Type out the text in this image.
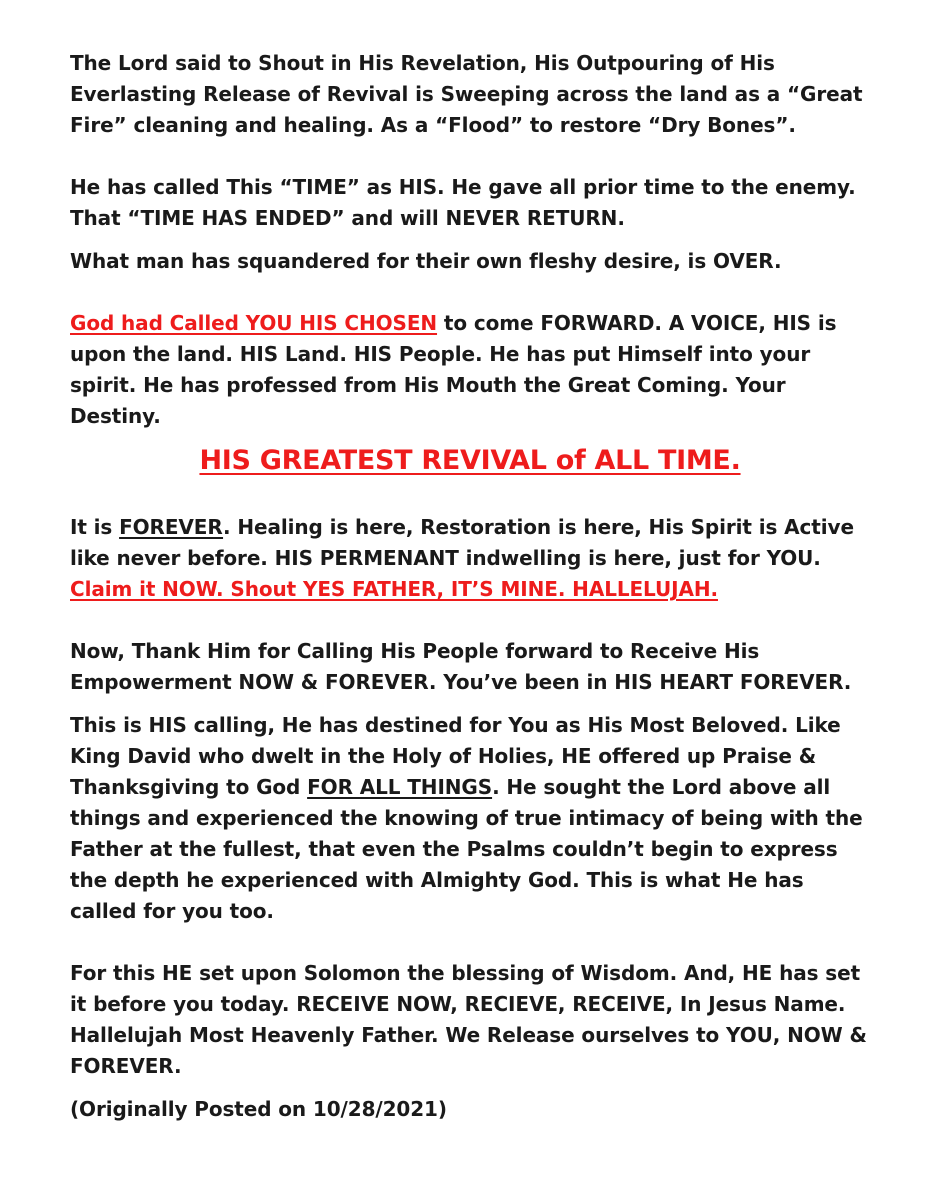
The Lord said to Shout in His Revelation, His Outpouring of His Everlasting Release of Revival is Sweeping across the land as a “Great Fire” cleaning and healing. As a “Flood” to restore “Dry Bones”.

He has called This “TIME” as HIS. He gave all prior time to the enemy. That “TIME HAS ENDED” and will NEVER RETURN.

What man has squandered for their own fleshy desire, is OVER.

God had Called YOU HIS CHOSEN to come FORWARD. A VOICE, HIS is upon the land. HIS Land. HIS People. He has put Himself into your spirit. He has professed from His Mouth the Great Coming. Your Destiny.

HIS GREATEST REVIVAL of ALL TIME.

It is FOREVER. Healing is here, Restoration is here, His Spirit is Active like never before. HIS PERMENANT indwelling is here, just for YOU. Claim it NOW. Shout YES FATHER, IT’S MINE. HALLELUJAH.

Now, Thank Him for Calling His People forward to Receive His Empowerment NOW & FOREVER. You’ve been in HIS HEART FOREVER.

This is HIS calling, He has destined for You as His Most Beloved. Like King David who dwelt in the Holy of Holies, HE offered up Praise & Thanksgiving to God FOR ALL THINGS. He sought the Lord above all things and experienced the knowing of true intimacy of being with the Father at the fullest, that even the Psalms couldn’t begin to express the depth he experienced with Almighty God. This is what He has called for you too.

For this HE set upon Solomon the blessing of Wisdom. And, HE has set it before you today. RECEIVE NOW, RECIEVE, RECEIVE, In Jesus Name. Hallelujah Most Heavenly Father. We Release ourselves to YOU, NOW & FOREVER.

(Originally Posted on 10/28/2021)
